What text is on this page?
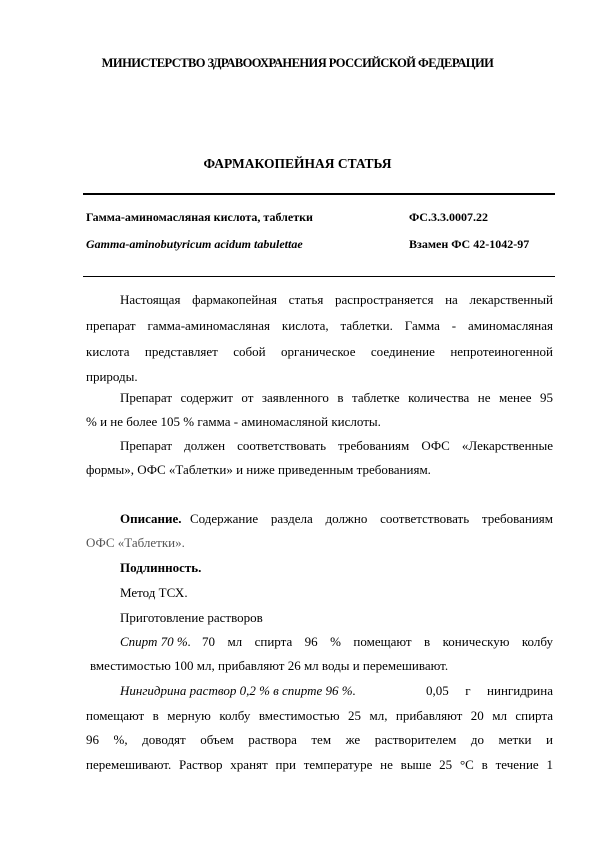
МИНИСТЕРСТВО ЗДРАВООХРАНЕНИЯ РОССИЙСКОЙ ФЕДЕРАЦИИ
ФАРМАКОПЕЙНАЯ СТАТЬЯ
Гамма-аминомасляная кислота, таблетки	ФС.3.3.0007.22
Gamma-aminobutyricum acidum tabulettae	Взамен ФС 42-1042-97
Настоящая фармакопейная статья распространяется на лекарственный
препарат гамма-аминомасляная кислота, таблетки. Гамма - аминомасляная
кислота представляет собой органическое соединение непротеиногенной
природы.
Препарат содержит от заявленного в таблетке количества не менее 95
% и не более 105 % гамма - аминомасляной кислоты.
Препарат должен соответствовать требованиям ОФС «Лекарственные
формы», ОФС «Таблетки» и ниже приведенным требованиям.
Описание. Содержание раздела должно соответствовать требованиям
ОФС «Таблетки».
Подлинность.
Метод ТСХ.
Приготовление растворов
Спирт 70 %. 70 мл спирта 96 % помещают в коническую колбу
вместимостью 100 мл, прибавляют 26 мл воды и перемешивают.
Нингидрина раствор 0,2 % в спирте 96 %.	0,05 г нингидрина
помещают в мерную колбу вместимостью 25 мл, прибавляют 20 мл спирта
96 %, доводят объем раствора тем же растворителем до метки и
перемешивают. Раствор хранят при температуре не выше 25 °С в течение 1
